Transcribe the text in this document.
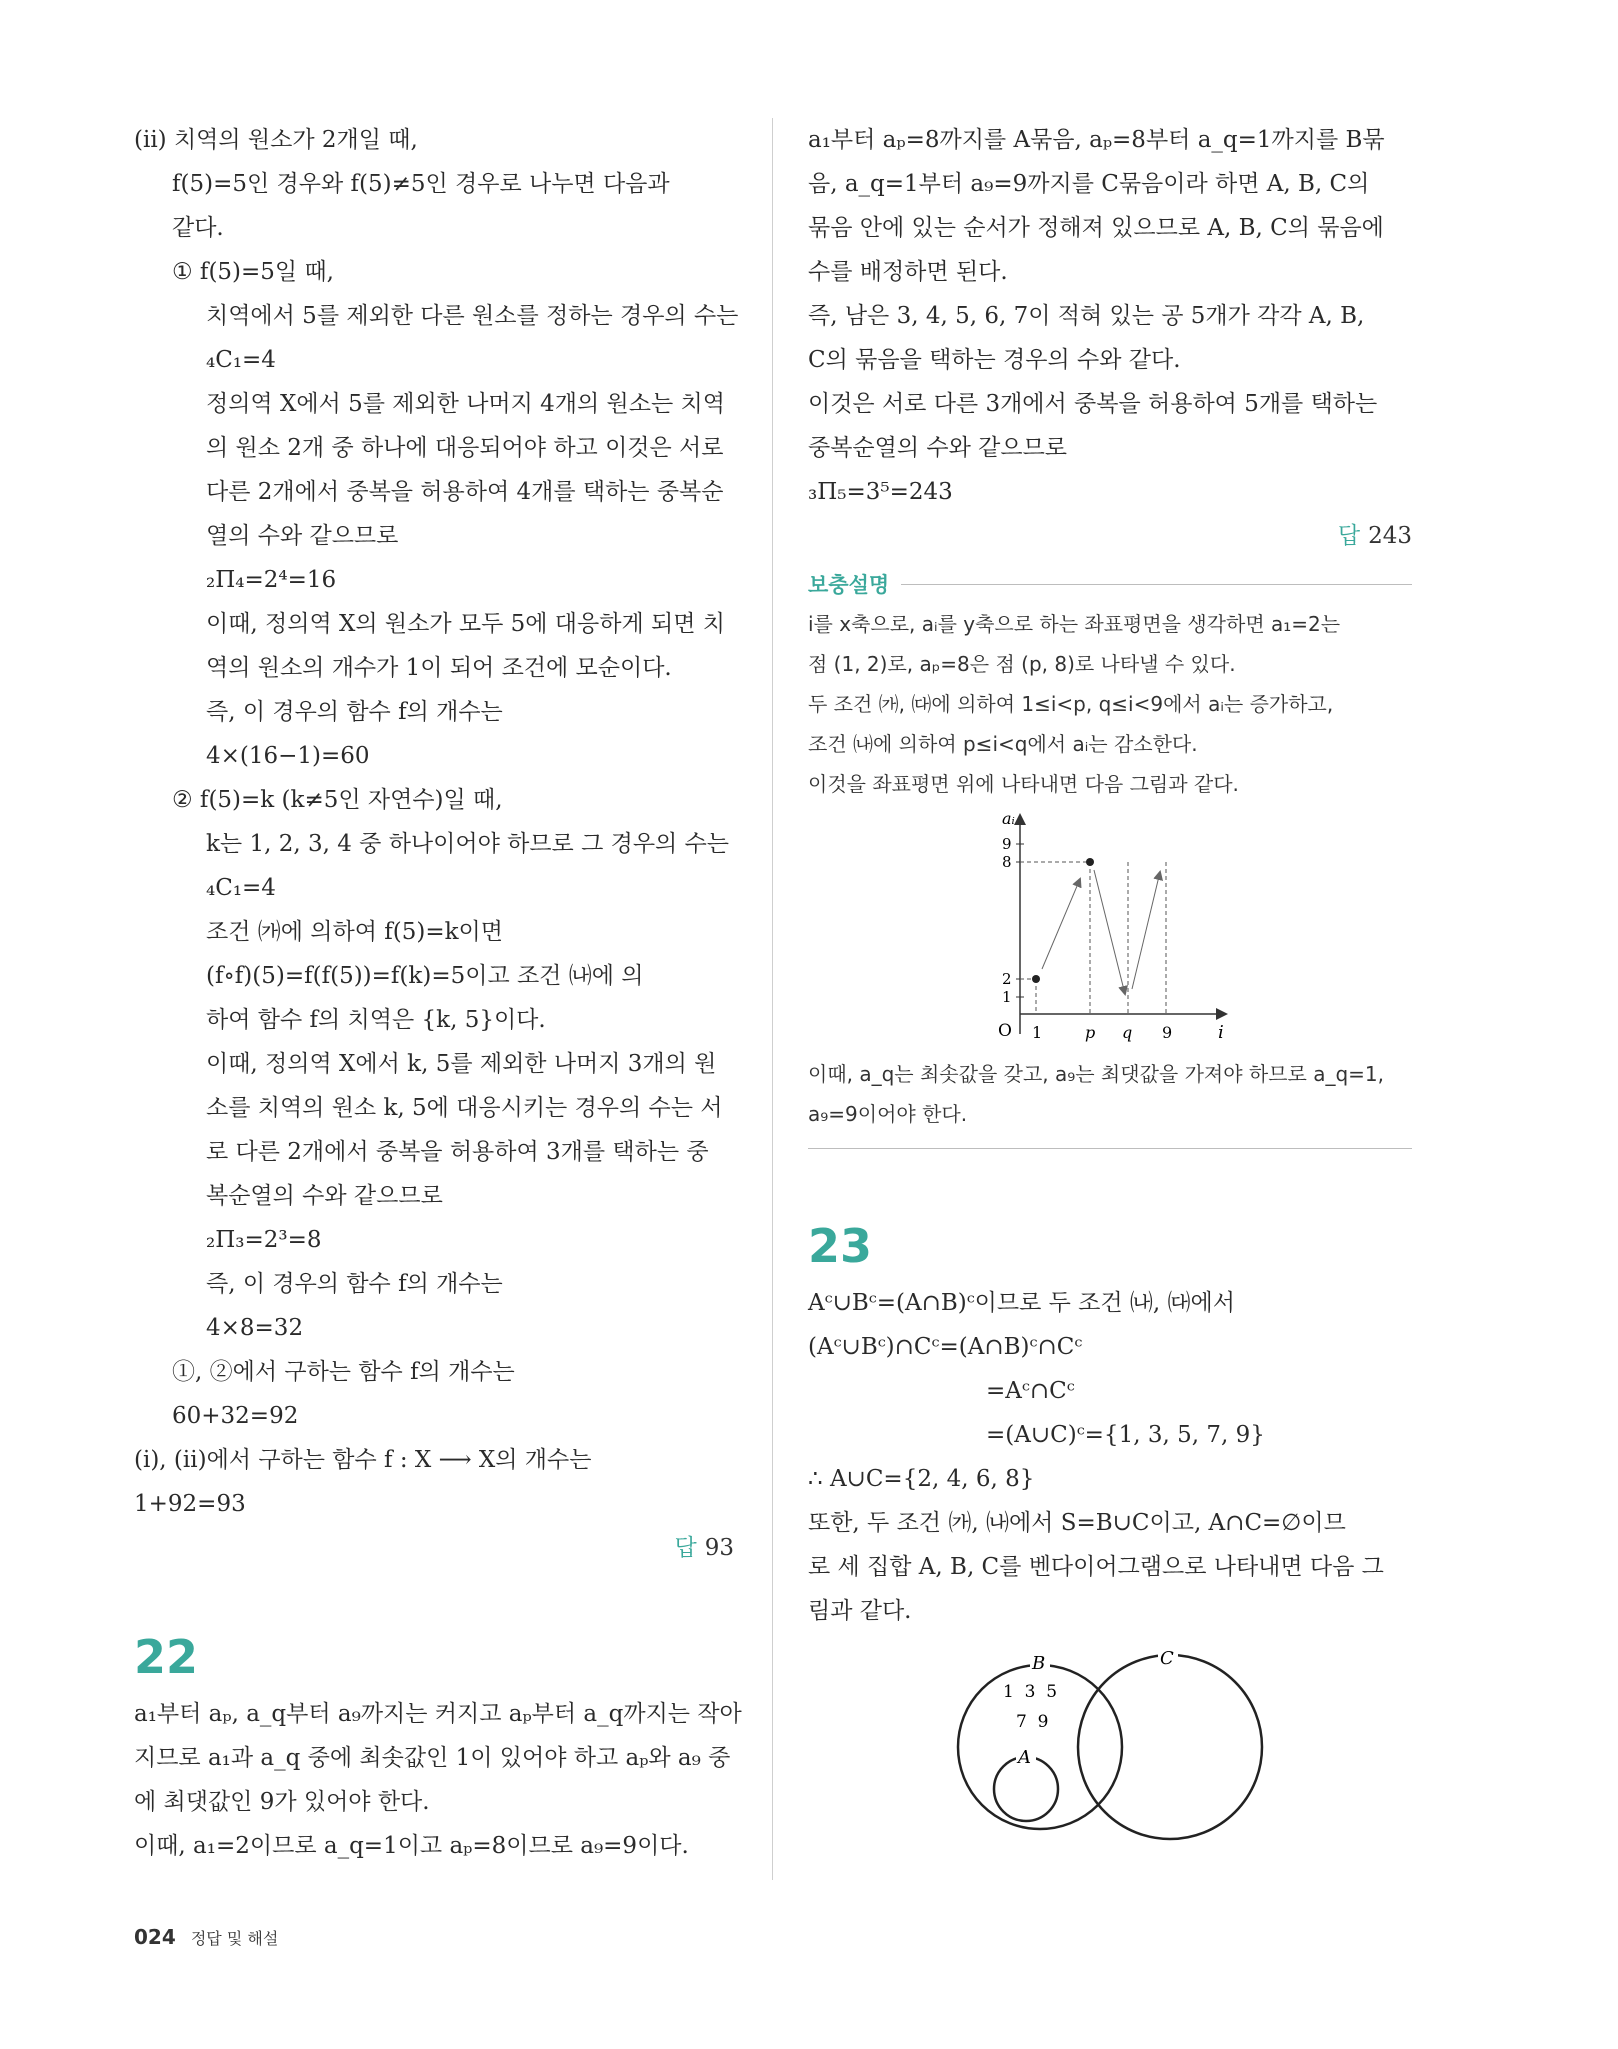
(ii) 치역의 원소가 2개일 때,
f(5)=5인 경우와 f(5)≠5인 경우로 나누면 다음과
같다.
① f(5)=5일 때,
치역에서 5를 제외한 다른 원소를 정하는 경우의 수는
₄C₁=4
정의역 X에서 5를 제외한 나머지 4개의 원소는 치역
의 원소 2개 중 하나에 대응되어야 하고 이것은 서로
다른 2개에서 중복을 허용하여 4개를 택하는 중복순
열의 수와 같으므로
₂Π₄=2⁴=16
이때, 정의역 X의 원소가 모두 5에 대응하게 되면 치
역의 원소의 개수가 1이 되어 조건에 모순이다.
즉, 이 경우의 함수 f의 개수는
4×(16−1)=60
② f(5)=k (k≠5인 자연수)일 때,
k는 1, 2, 3, 4 중 하나이어야 하므로 그 경우의 수는
₄C₁=4
조건 ㈎에 의하여 f(5)=k이면
(f∘f)(5)=f(f(5))=f(k)=5이고 조건 ㈏에 의
하여 함수 f의 치역은 {k, 5}이다.
이때, 정의역 X에서 k, 5를 제외한 나머지 3개의 원
소를 치역의 원소 k, 5에 대응시키는 경우의 수는 서
로 다른 2개에서 중복을 허용하여 3개를 택하는 중
복순열의 수와 같으므로
₂Π₃=2³=8
즉, 이 경우의 함수 f의 개수는
4×8=32
①, ②에서 구하는 함수 f의 개수는
60+32=92
(i), (ii)에서 구하는 함수 f : X ⟶ X의 개수는
1+92=93
답 93
22
a₁부터 aₚ, a_q부터 a₉까지는 커지고 aₚ부터 a_q까지는 작아
지므로 a₁과 a_q 중에 최솟값인 1이 있어야 하고 aₚ와 a₉ 중
에 최댓값인 9가 있어야 한다.
이때, a₁=2이므로 a_q=1이고 aₚ=8이므로 a₉=9이다.
a₁부터 aₚ=8까지를 A묶음, aₚ=8부터 a_q=1까지를 B묶
음, a_q=1부터 a₉=9까지를 C묶음이라 하면 A, B, C의
묶음 안에 있는 순서가 정해져 있으므로 A, B, C의 묶음에
수를 배정하면 된다.
즉, 남은 3, 4, 5, 6, 7이 적혀 있는 공 5개가 각각 A, B,
C의 묶음을 택하는 경우의 수와 같다.
이것은 서로 다른 3개에서 중복을 허용하여 5개를 택하는
중복순열의 수와 같으므로
₃Π₅=3⁵=243
답 243
보충설명
i를 x축으로, aᵢ를 y축으로 하는 좌표평면을 생각하면 a₁=2는
점 (1, 2)로, aₚ=8은 점 (p, 8)로 나타낼 수 있다.
두 조건 ㈎, ㈐에 의하여 1≤i<p, q≤i<9에서 aᵢ는 증가하고,
조건 ㈏에 의하여 p≤i<q에서 aᵢ는 감소한다.
이것을 좌표평면 위에 나타내면 다음 그림과 같다.
aᵢ
i
O
9
8
2
1
1	p q 9
이때, a_q는 최솟값을 갖고, a₉는 최댓값을 가져야 하므로 a_q=1,
a₉=9이어야 한다.
23
Aᶜ∪Bᶜ=(A∩B)ᶜ이므로 두 조건 ㈏, ㈐에서
(Aᶜ∪Bᶜ)∩Cᶜ=(A∩B)ᶜ∩Cᶜ
=Aᶜ∩Cᶜ
=(A∪C)ᶜ={1, 3, 5, 7, 9}
∴ A∪C={2, 4, 6, 8}
또한, 두 조건 ㈎, ㈏에서 S=B∪C이고, A∩C=∅이므
로 세 집합 A, B, C를 벤다이어그램으로 나타내면 다음 그
림과 같다.
B	C
A
1  3  5
7  9
024 정답 및 해설
